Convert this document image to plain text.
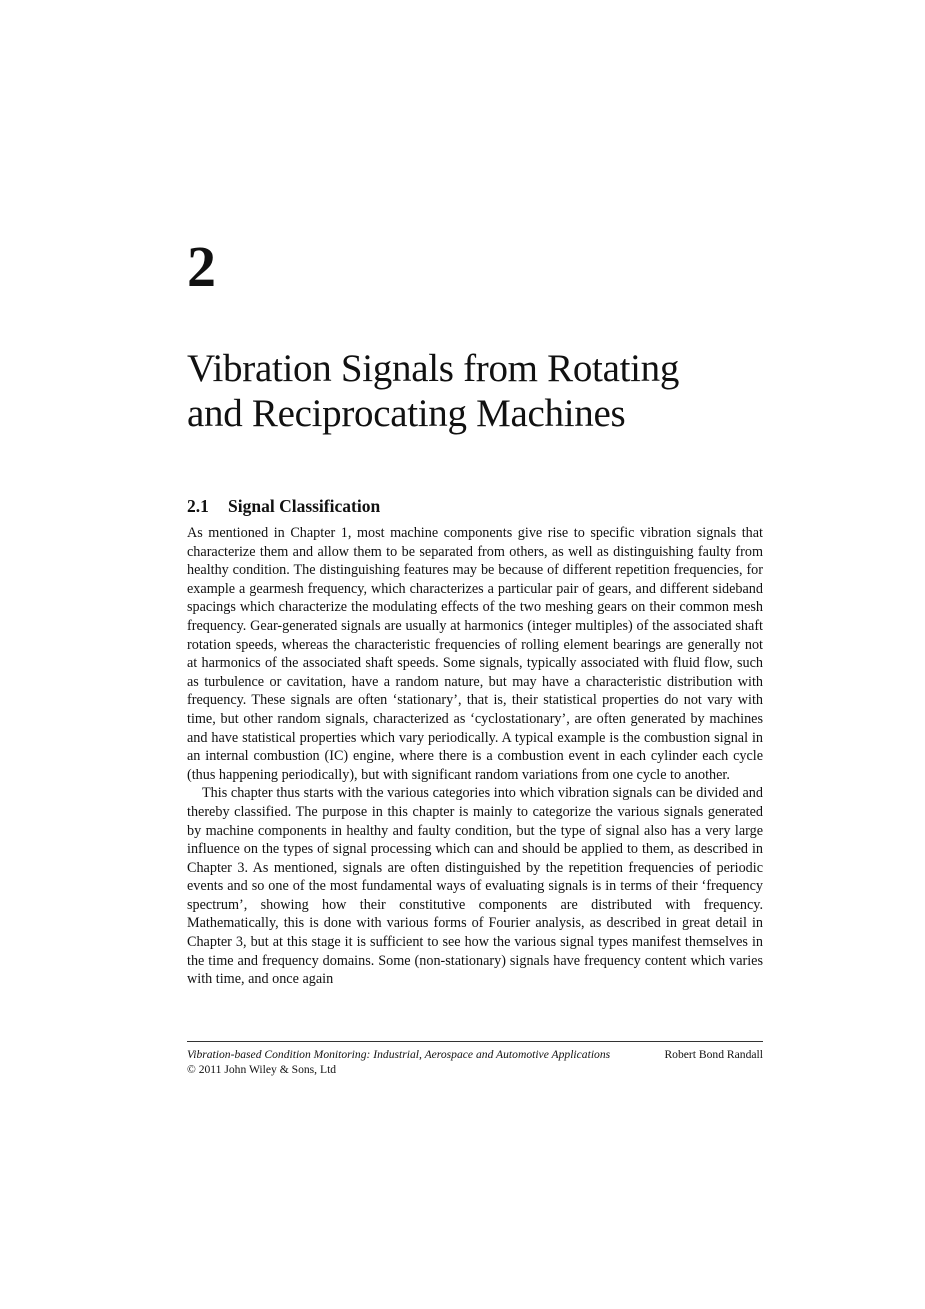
2
Vibration Signals from Rotating
and Reciprocating Machines
2.1 Signal Classification

As mentioned in Chapter 1, most machine components give rise to specific vibration signals that characterize them and allow them to be separated from others, as well as distinguishing faulty from healthy condition. The distinguishing features may be because of different repetition frequencies, for example a gearmesh frequency, which characterizes a particular pair of gears, and different sideband spacings which characterize the modulating effects of the two meshing gears on their common mesh frequency. Gear-generated signals are usually at harmonics (integer multiples) of the associated shaft rotation speeds, whereas the characteristic frequencies of rolling element bearings are generally not at harmonics of the associated shaft speeds. Some signals, typically associated with fluid flow, such as turbulence or cavitation, have a random nature, but may have a characteristic distribution with frequency. These signals are often ‘stationary’, that is, their statistical properties do not vary with time, but other random signals, characterized as ‘cyclostationary’, are often generated by machines and have statistical properties which vary periodically. A typical example is the combustion signal in an internal combustion (IC) engine, where there is a combustion event in each cylinder each cycle (thus happening periodically), but with significant random variations from one cycle to another.

This chapter thus starts with the various categories into which vibration signals can be divided and thereby classified. The purpose in this chapter is mainly to categorize the various signals generated by machine components in healthy and faulty condition, but the type of signal also has a very large influence on the types of signal processing which can and should be applied to them, as described in Chapter 3. As mentioned, signals are often distinguished by the repetition frequencies of periodic events and so one of the most fundamental ways of evaluating signals is in terms of their ‘frequency spectrum’, showing how their constitutive components are distributed with frequency. Mathematically, this is done with various forms of Fourier analysis, as described in great detail in Chapter 3, but at this stage it is sufficient to see how the various signal types manifest themselves in the time and frequency domains. Some (non-stationary) signals have frequency content which varies with time, and once again

Vibration-based Condition Monitoring: Industrial, Aerospace and Automotive Applications	Robert Bond Randall
© 2011 John Wiley & Sons, Ltd
